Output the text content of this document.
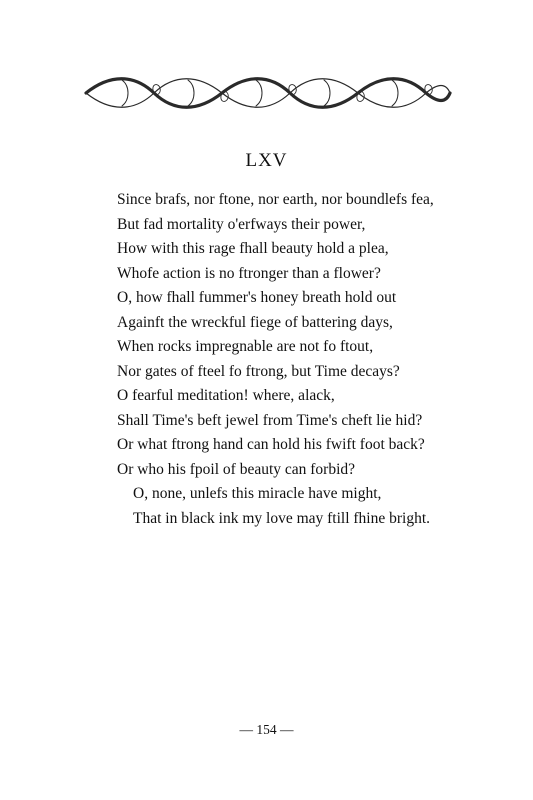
LXV
Since brafs, nor ftone, nor earth, nor boundlefs fea,
But fad mortality o'erfways their power,
How with this rage fhall beauty hold a plea,
Whofe action is no ftronger than a flower?
O, how fhall fummer's honey breath hold out
Againft the wreckful fiege of battering days,
When rocks impregnable are not fo ftout,
Nor gates of fteel fo ftrong, but Time decays?
O fearful meditation! where, alack,
Shall Time's beft jewel from Time's cheft lie hid?
Or what ftrong hand can hold his fwift foot back?
Or who his fpoil of beauty can forbid?
O, none, unlefs this miracle have might,
That in black ink my love may ftill fhine bright.
— 154 —
